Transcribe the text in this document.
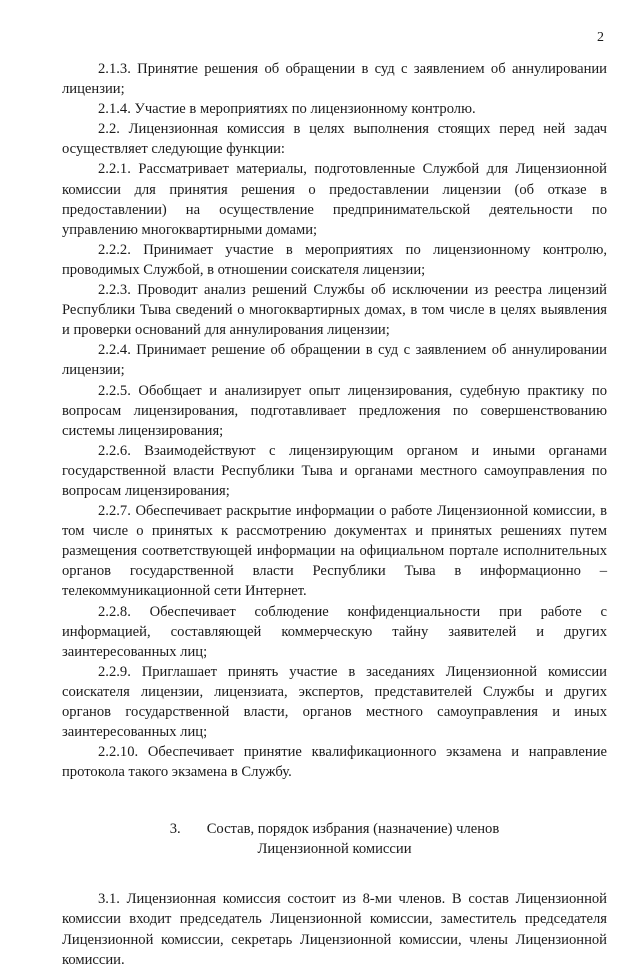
2

2.1.3. Принятие решения об обращении в суд с заявлением об аннулировании лицензии;

2.1.4. Участие в мероприятиях по лицензионному контролю.

2.2. Лицензионная комиссия в целях выполнения стоящих перед ней задач осуществляет следующие функции:

2.2.1. Рассматривает материалы, подготовленные Службой для Лицензионной комиссии для принятия решения о предоставлении лицензии (об отказе в предоставлении) на осуществление предпринимательской деятельности по управлению многоквартирными домами;

2.2.2. Принимает участие в мероприятиях по лицензионному контролю, проводимых Службой, в отношении соискателя лицензии;

2.2.3. Проводит анализ решений Службы об исключении из реестра лицензий Республики Тыва сведений о многоквартирных домах, в том числе в целях выявления и проверки оснований для аннулирования лицензии;

2.2.4. Принимает решение об обращении в суд с заявлением об аннулировании лицензии;

2.2.5. Обобщает и анализирует опыт лицензирования, судебную практику по вопросам лицензирования, подготавливает предложения по совершенствованию системы лицензирования;

2.2.6. Взаимодействуют с лицензирующим органом и иными органами государственной власти Республики Тыва и органами местного самоуправления по вопросам лицензирования;

2.2.7. Обеспечивает раскрытие информации о работе Лицензионной комиссии, в том числе о принятых к рассмотрению документах и принятых решениях путем размещения соответствующей информации на официальном портале исполнительных органов государственной власти Республики Тыва в информационно – телекоммуникационной сети Интернет.

2.2.8. Обеспечивает соблюдение конфиденциальности при работе с информацией, составляющей коммерческую тайну заявителей и других заинтересованных лиц;

2.2.9. Приглашает принять участие в заседаниях Лицензионной комиссии соискателя лицензии, лицензиата, экспертов, представителей Службы и других органов государственной власти, органов местного самоуправления и иных заинтересованных лиц;

2.2.10. Обеспечивает принятие квалификационного экзамена и направление протокола такого экзамена в Службу.

3. Состав, порядок избрания (назначение) членов
Лицензионной комиссии

3.1. Лицензионная комиссия состоит из 8-ми членов. В состав Лицензионной комиссии входит председатель Лицензионной комиссии, заместитель председателя Лицензионной комиссии, секретарь Лицензионной комиссии, члены Лицензионной комиссии.
